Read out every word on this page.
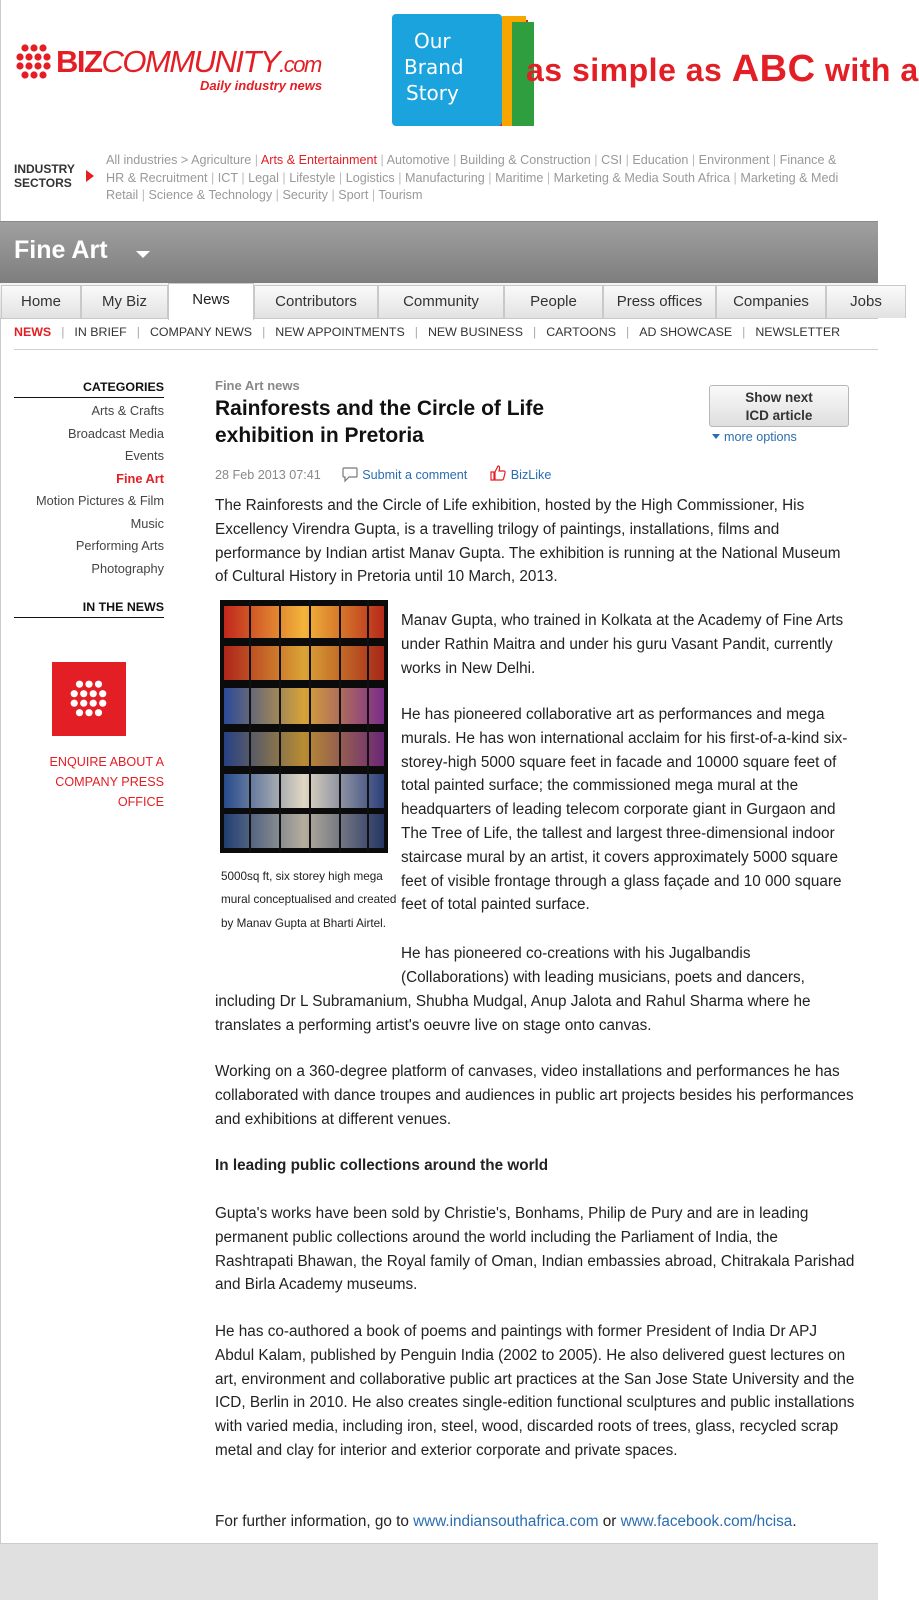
BIZCOMMUNITY.com
Daily industry news
Our
Brand
Story
as simple as ABC with a
INDUSTRY
SECTORS
All industries > Agriculture | Arts & Entertainment | Automotive | Building & Construction | CSI | Education | Environment | Finance &
HR & Recruitment | ICT | Legal | Lifestyle | Logistics | Manufacturing | Maritime | Marketing & Media South Africa | Marketing & Medi
Retail | Science & Technology | Security | Sport | Tourism
Fine Art
Home	My Biz	News	Contributors	Community	People	Press offices	Companies	Jobs
NEWS | IN BRIEF | COMPANY NEWS | NEW APPOINTMENTS | NEW BUSINESS | CARTOONS | AD SHOWCASE | NEWSLETTER
CATEGORIES
Arts & Crafts
Broadcast Media
Events
Fine Art
Motion Pictures & Film
Music
Performing Arts
Photography
IN THE NEWS
ENQUIRE ABOUT A
COMPANY PRESS
OFFICE
Fine Art news
Rainforests and the Circle of Life exhibition in Pretoria
28 Feb 2013 07:41	Submit a comment	BizLike
Show next
ICD article
more options
The Rainforests and the Circle of Life exhibition, hosted by the High Commissioner, His Excellency Virendra Gupta, is a travelling trilogy of paintings, installations, films and performance by Indian artist Manav Gupta. The exhibition is running at the National Museum of Cultural History in Pretoria until 10 March, 2013.
5000sq ft, six storey high mega mural conceptualised and created by Manav Gupta at Bharti Airtel.
Manav Gupta, who trained in Kolkata at the Academy of Fine Arts under Rathin Maitra and under his guru Vasant Pandit, currently works in New Delhi.
He has pioneered collaborative art as performances and mega murals. He has won international acclaim for his first-of-a-kind six-storey-high 5000 square feet in facade and 10000 square feet of total painted surface; the commissioned mega mural at the headquarters of leading telecom corporate giant in Gurgaon and The Tree of Life, the tallest and largest three-dimensional indoor staircase mural by an artist, it covers approximately 5000 square feet of visible frontage through a glass façade and 10 000 square feet of total painted surface.
He has pioneered co-creations with his Jugalbandis (Collaborations) with leading musicians, poets and dancers,
including Dr L Subramanium, Shubha Mudgal, Anup Jalota and Rahul Sharma where he translates a performing artist's oeuvre live on stage onto canvas.
Working on a 360-degree platform of canvases, video installations and performances he has collaborated with dance troupes and audiences in public art projects besides his performances and exhibitions at different venues.
In leading public collections around the world
Gupta's works have been sold by Christie's, Bonhams, Philip de Pury and are in leading permanent public collections around the world including the Parliament of India, the Rashtrapati Bhawan, the Royal family of Oman, Indian embassies abroad, Chitrakala Parishad and Birla Academy museums.
He has co-authored a book of poems and paintings with former President of India Dr APJ Abdul Kalam, published by Penguin India (2002 to 2005). He also delivered guest lectures on art, environment and collaborative public art practices at the San Jose State University and the ICD, Berlin in 2010. He also creates single-edition functional sculptures and public installations with varied media, including iron, steel, wood, discarded roots of trees, glass, recycled scrap metal and clay for interior and exterior corporate and private spaces.
For further information, go to www.indiansouthafrica.com or www.facebook.com/hcisa.
